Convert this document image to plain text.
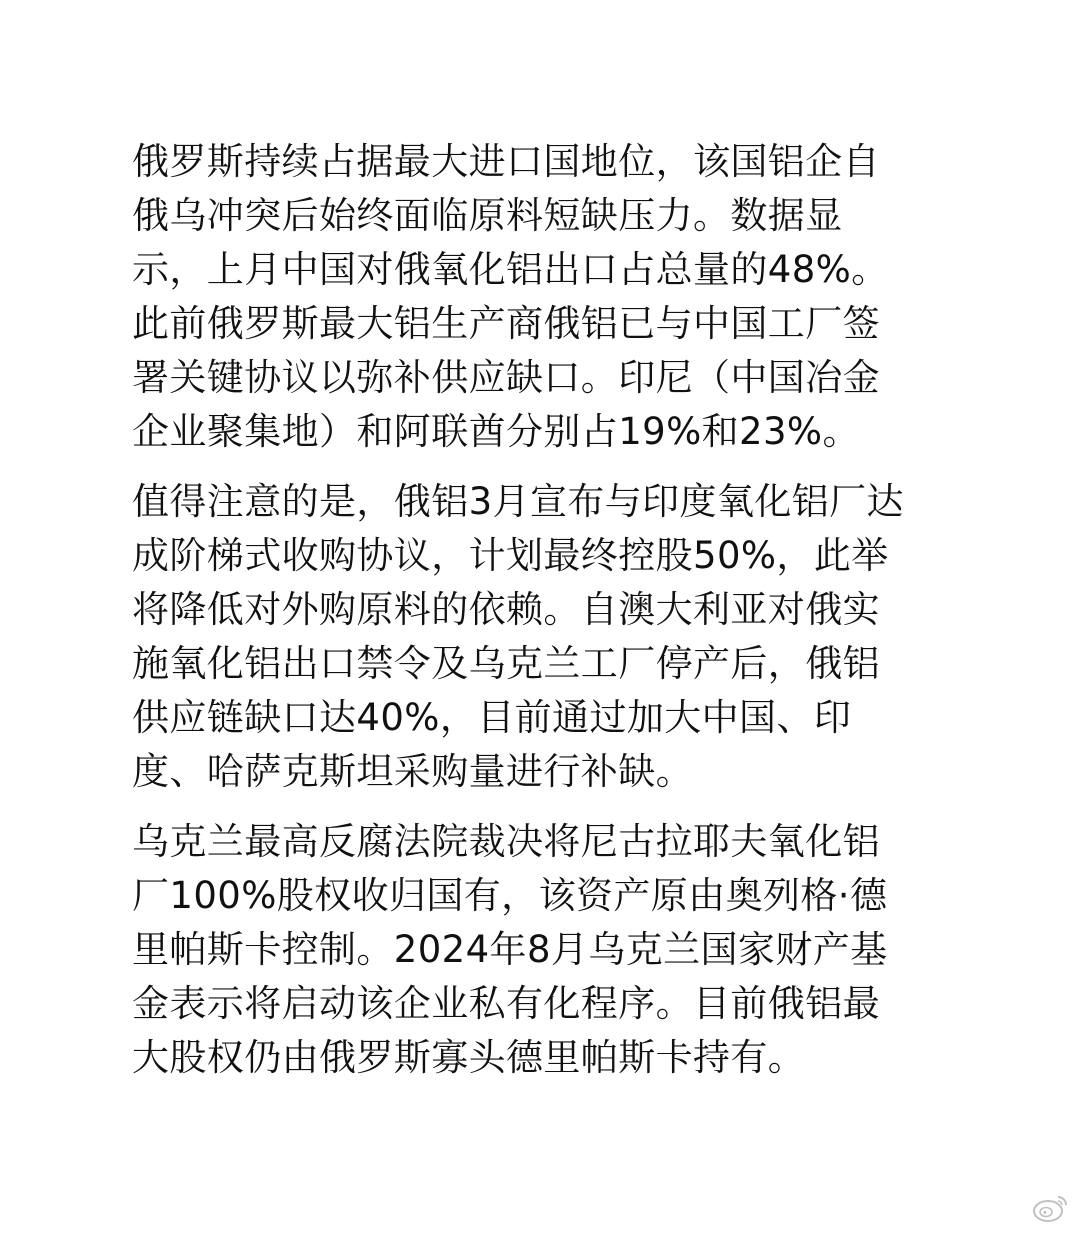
俄罗斯持续占据最大进口国地位，该国铝企自
俄乌冲突后始终面临原料短缺压力。数据显
示，上月中国对俄氧化铝出口占总量的48%。
此前俄罗斯最大铝生产商俄铝已与中国工厂签
署关键协议以弥补供应缺口。印尼（中国冶金
企业聚集地）和阿联酋分别占19%和23%。

值得注意的是，俄铝3月宣布与印度氧化铝厂达
成阶梯式收购协议，计划最终控股50%，此举
将降低对外购原料的依赖。自澳大利亚对俄实
施氧化铝出口禁令及乌克兰工厂停产后，俄铝
供应链缺口达40%，目前通过加大中国、印
度、哈萨克斯坦采购量进行补缺。

乌克兰最高反腐法院裁决将尼古拉耶夫氧化铝
厂100%股权收归国有，该资产原由奥列格·德
里帕斯卡控制。2024年8月乌克兰国家财产基
金表示将启动该企业私有化程序。目前俄铝最
大股权仍由俄罗斯寡头德里帕斯卡持有。
